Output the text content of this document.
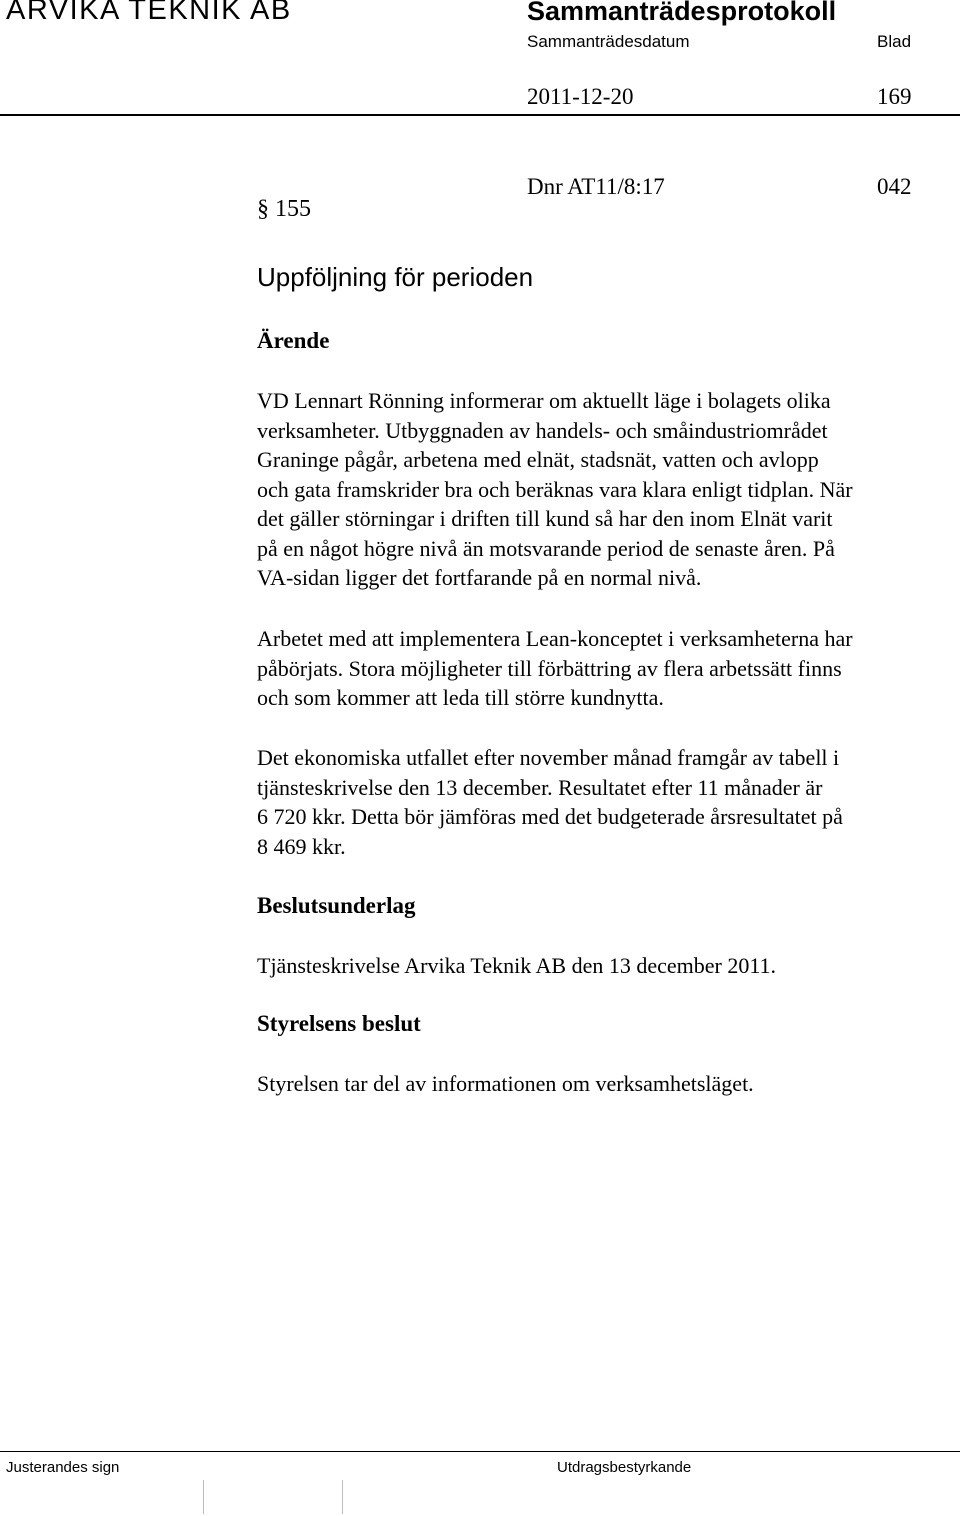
ARVIKA TEKNIK AB	Sammanträdesprotokoll
Sammanträdesdatum	Blad
2011-12-20	169
§ 155
Dnr AT11/8:17	042
Uppföljning för perioden
Ärende
VD Lennart Rönning informerar om aktuellt läge i bolagets olika
verksamheter. Utbyggnaden av handels- och småindustriområdet
Graninge pågår, arbetena med elnät, stadsnät, vatten och avlopp
och gata framskrider bra och beräknas vara klara enligt tidplan. När
det gäller störningar i driften till kund så har den inom Elnät varit
på en något högre nivå än motsvarande period de senaste åren. På
VA-sidan ligger det fortfarande på en normal nivå.
Arbetet med att implementera Lean-konceptet i verksamheterna har
påbörjats. Stora möjligheter till förbättring av flera arbetssätt finns
och som kommer att leda till större kundnytta.
Det ekonomiska utfallet efter november månad framgår av tabell i
tjänsteskrivelse den 13 december. Resultatet efter 11 månader är
6 720 kkr. Detta bör jämföras med det budgeterade årsresultatet på
8 469 kkr.
Beslutsunderlag
Tjänsteskrivelse Arvika Teknik AB den 13 december 2011.
Styrelsens beslut
Styrelsen tar del av informationen om verksamhetsläget.
Justerandes sign	Utdragsbestyrkande
